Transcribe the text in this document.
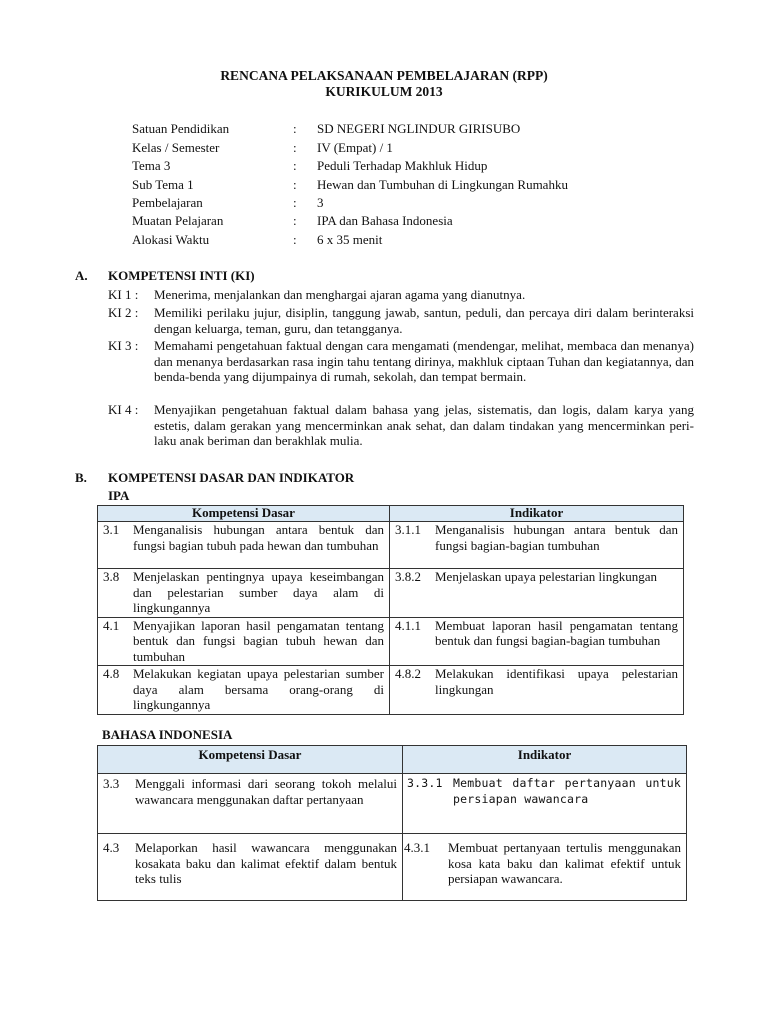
RENCANA PELAKSANAAN PEMBELAJARAN (RPP)
KURIKULUM 2013
Satuan Pendidikan	: SD NEGERI NGLINDUR GIRISUBO
Kelas / Semester	: IV (Empat) / 1
Tema 3	: Peduli Terhadap Makhluk Hidup
Sub Tema 1	: Hewan dan Tumbuhan di Lingkungan Rumahku
Pembelajaran	: 3
Muatan Pelajaran	: IPA dan Bahasa Indonesia
Alokasi Waktu	: 6 x 35 menit
A. KOMPETENSI INTI (KI)
KI 1 :	Menerima, menjalankan dan menghargai ajaran agama yang dianutnya.
KI 2 :	Memiliki perilaku jujur, disiplin, tanggung jawab, santun, peduli, dan percaya diri dalam berinteraksi dengan keluarga, teman, guru, dan tetangganya.
KI 3 :	Memahami pengetahuan faktual dengan cara mengamati (mendengar, melihat, membaca dan menanya) dan menanya berdasarkan rasa ingin tahu tentang dirinya, makhluk ciptaan Tuhan dan kegiatannya, dan benda-benda yang dijumpainya di rumah, sekolah, dan tempat bermain.
KI 4 :	Menyajikan pengetahuan faktual dalam bahasa yang jelas, sistematis, dan logis, dalam karya yang estetis, dalam gerakan yang mencerminkan anak sehat, dan dalam tindakan yang mencerminkan peri-laku anak beriman dan berakhlak mulia.
B. KOMPETENSI DASAR DAN INDIKATOR
IPA
Kompetensi Dasar	Indikator

3.1 Menganalisis hubungan antara bentuk dan fungsi bagian tubuh pada hewan dan tumbuhan	3.1.1 Menganalisis hubungan antara bentuk dan fungsi bagian-bagian tumbuhan

3.8 Menjelaskan pentingnya upaya keseimbangan dan pelestarian sumber daya alam di lingkungannya	3.8.2 Menjelaskan upaya pelestarian lingkungan

4.1 Menyajikan laporan hasil pengamatan tentang bentuk dan fungsi bagian tubuh hewan dan tumbuhan	4.1.1 Membuat laporan hasil pengamatan tentang bentuk dan fungsi bagian-bagian tumbuhan

4.8 Melakukan kegiatan upaya pelestarian sumber daya alam bersama orang-orang di lingkungannya	4.8.2 Melakukan identifikasi upaya pelestarian lingkungan
BAHASA INDONESIA
Kompetensi Dasar	Indikator

3.3 Menggali informasi dari seorang tokoh melalui wawancara menggunakan daftar pertanyaan	3.3.1 Membuat daftar pertanyaan untuk persiapan wawancara

4.3 Melaporkan hasil wawancara menggunakan kosakata baku dan kalimat efektif dalam bentuk teks tulis	4.3.1 Membuat pertanyaan tertulis menggunakan kosa kata baku dan kalimat efektif untuk persiapan wawancara.
